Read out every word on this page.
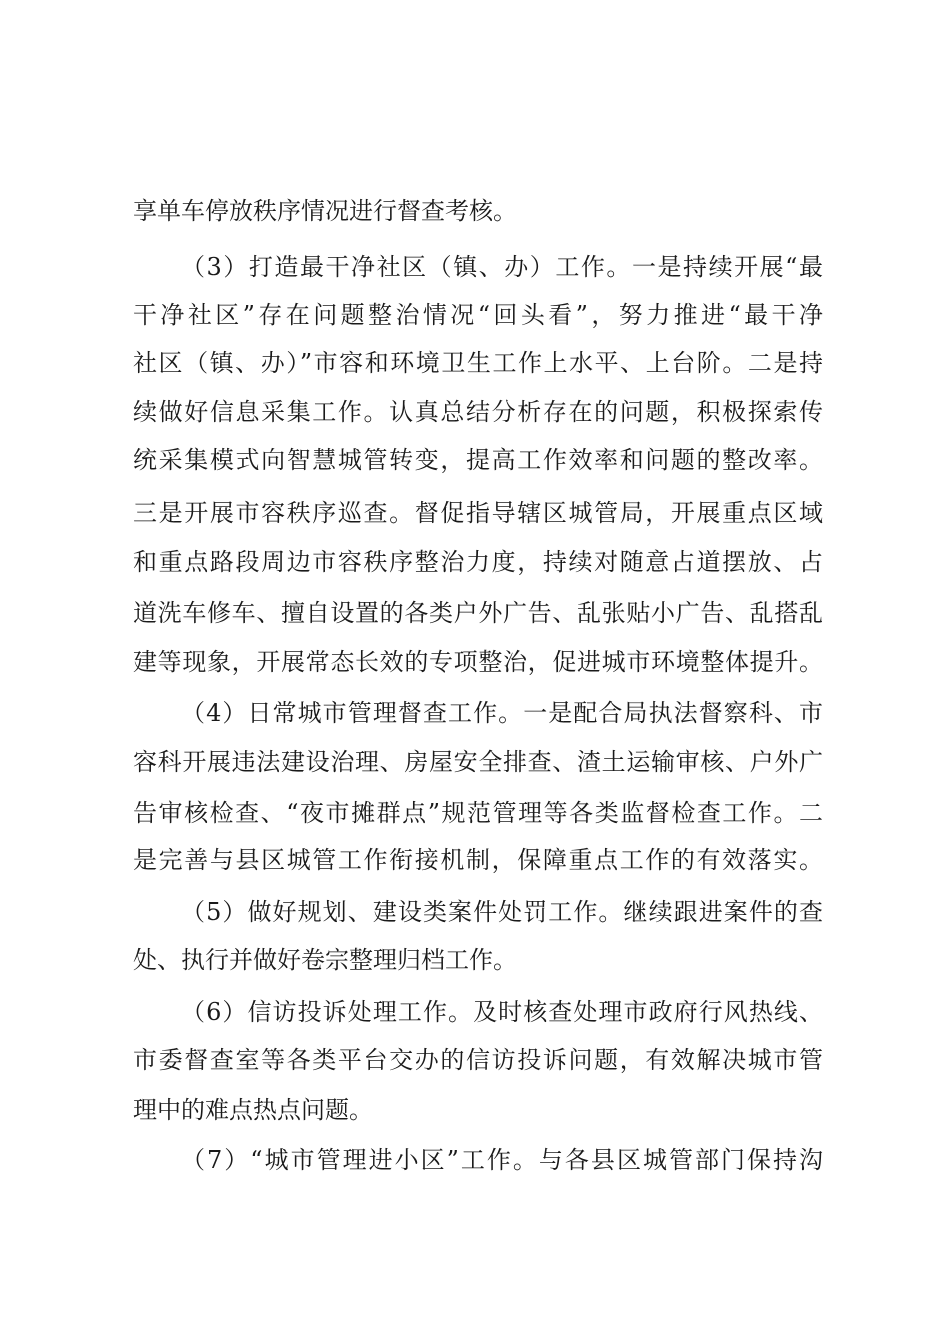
享单车停放秩序情况进行督查考核。
（3）打造最干净社区（镇、办）工作。一是持续开展“最
干净社区”存在问题整治情况“回头看”，努力推进“最干净
社区（镇、办）”市容和环境卫生工作上水平、上台阶。二是持
续做好信息采集工作。认真总结分析存在的问题，积极探索传
统采集模式向智慧城管转变，提高工作效率和问题的整改率。
三是开展市容秩序巡查。督促指导辖区城管局，开展重点区域
和重点路段周边市容秩序整治力度，持续对随意占道摆放、占
道洗车修车、擅自设置的各类户外广告、乱张贴小广告、乱搭乱
建等现象，开展常态长效的专项整治，促进城市环境整体提升。
（4）日常城市管理督查工作。一是配合局执法督察科、市
容科开展违法建设治理、房屋安全排查、渣土运输审核、户外广
告审核检查、“夜市摊群点”规范管理等各类监督检查工作。二
是完善与县区城管工作衔接机制，保障重点工作的有效落实。
（5）做好规划、建设类案件处罚工作。继续跟进案件的查
处、执行并做好卷宗整理归档工作。
（6）信访投诉处理工作。及时核查处理市政府行风热线、
市委督查室等各类平台交办的信访投诉问题，有效解决城市管
理中的难点热点问题。
（7）“城市管理进小区”工作。与各县区城管部门保持沟
